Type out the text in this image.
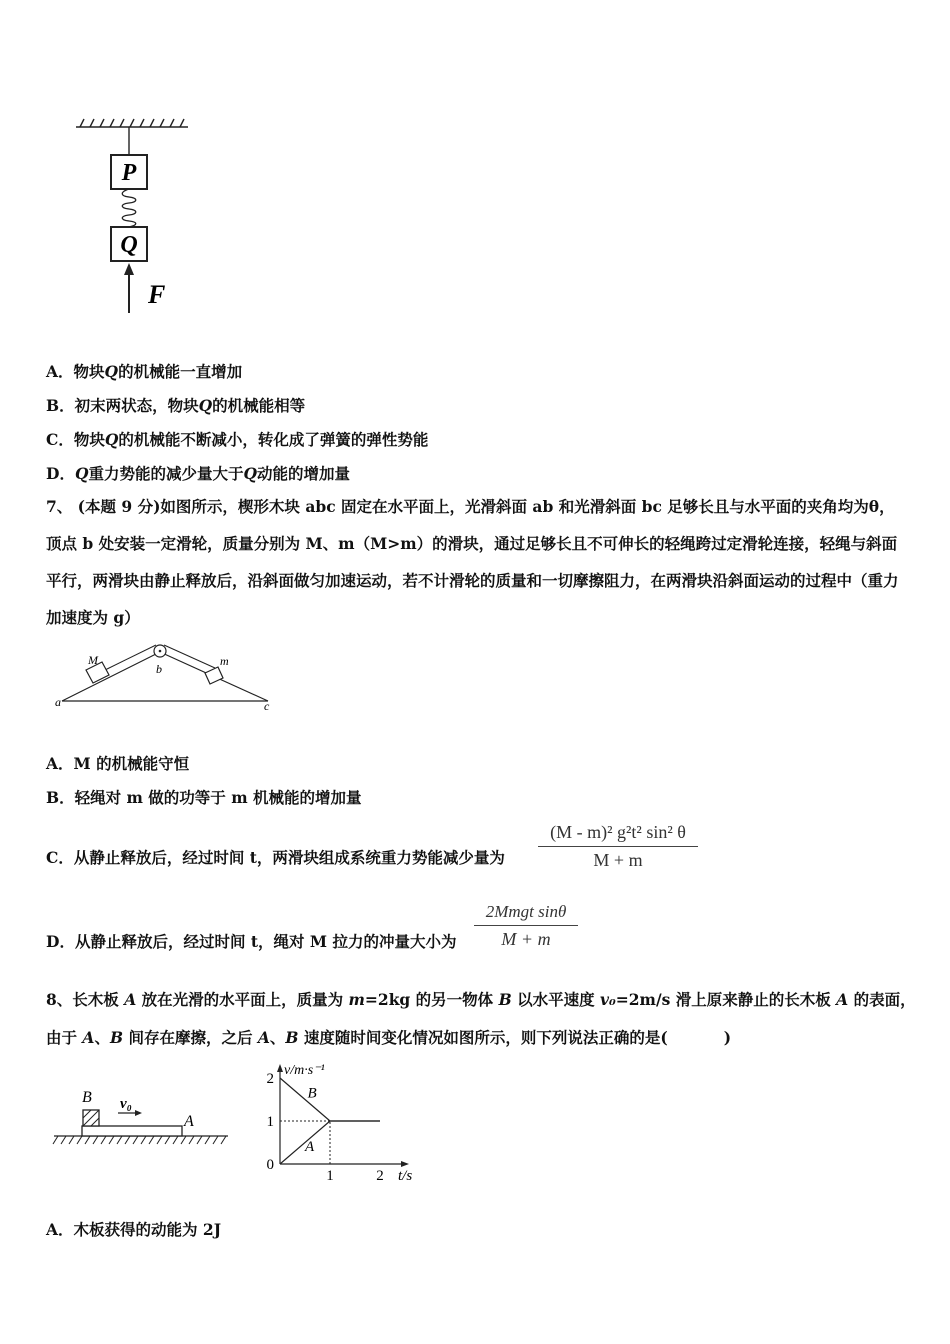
P
Q
F
A．物块Q的机械能一直增加
B．初末两状态，物块Q的机械能相等
C．物块Q的机械能不断减小，转化成了弹簧的弹性势能
D．Q重力势能的减少量大于Q动能的增加量
7、 (本题 9 分)如图所示，楔形木块 abc 固定在水平面上，光滑斜面 ab 和光滑斜面 bc 足够长且与水平面的夹角均为θ，顶点 b 处安装一定滑轮，质量分别为 M、m（M>m）的滑块，通过足够长且不可伸长的轻绳跨过定滑轮连接，轻绳与斜面平行，两滑块由静止释放后，沿斜面做匀加速运动，若不计滑轮的质量和一切摩擦阻力，在两滑块沿斜面运动的过程中（重力加速度为 g）
M	m
a
b
c
A．M 的机械能守恒
B．轻绳对 m 做的功等于 m 机械能的增加量
C．从静止释放后，经过时间 t，两滑块组成系统重力势能减少量为
(M - m)² g²t² sin² θ
M + m
D．从静止释放后，经过时间 t，绳对 M 拉力的冲量大小为
2Mmgt sinθ
M + m
8、长木板 A 放在光滑的水平面上，质量为 m=2kg 的另一物体 B 以水平速度 v₀=2m/s 滑上原来静止的长木板 A 的表面，
由于 A、B 间存在摩擦，之后 A、B 速度随时间变化情况如图所示，则下列说法正确的是(	)
B v₀
A
v/m·s⁻¹
t/s
B
A
1	2
0
1
2
A．木板获得的动能为 2J
